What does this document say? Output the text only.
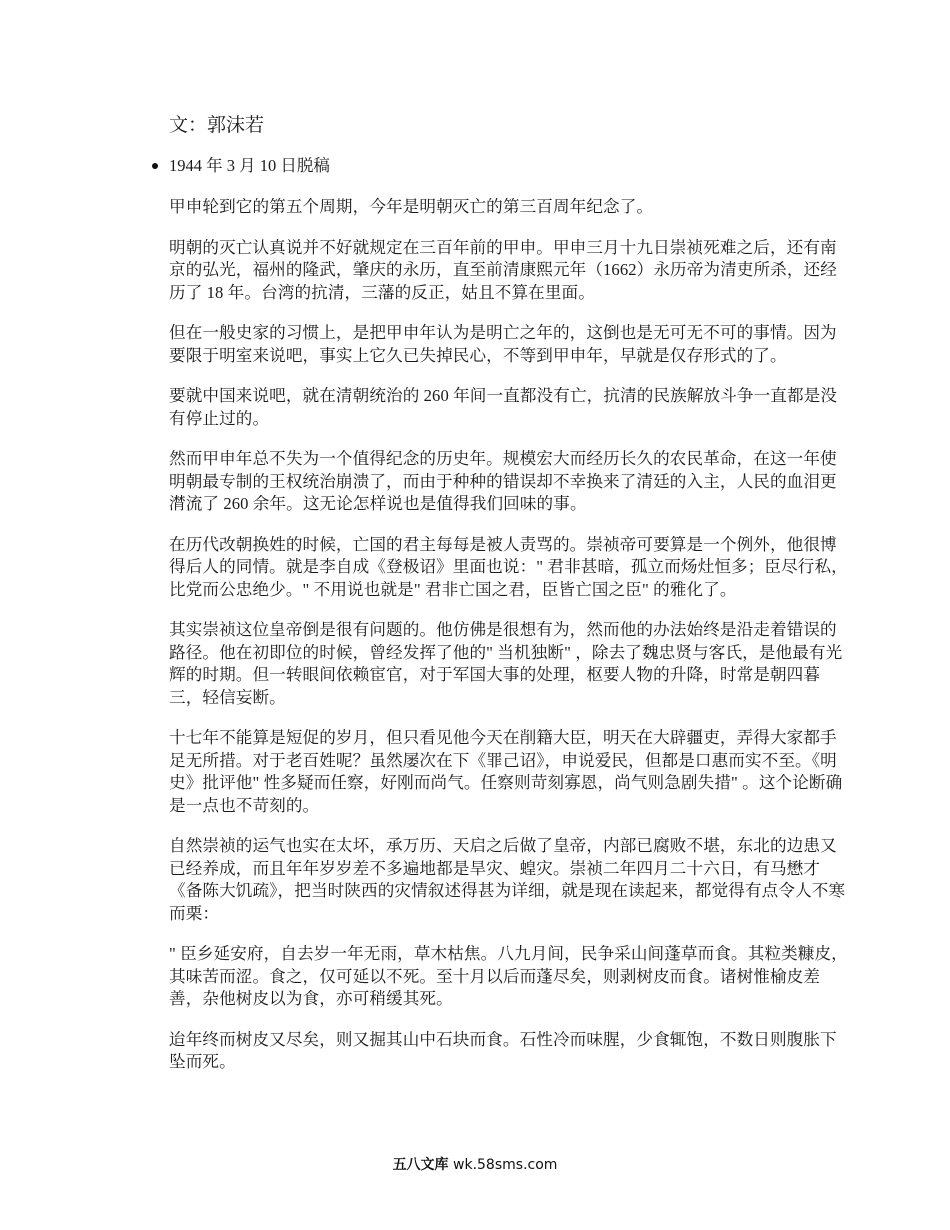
文：郭沫若

1944 年 3 月 10 日脱稿

甲申轮到它的第五个周期，今年是明朝灭亡的第三百周年纪念了。

明朝的灭亡认真说并不好就规定在三百年前的甲申。甲申三月十九日崇祯死难之后，还有南京的弘光，福州的隆武，肇庆的永历，直至前清康熙元年（1662）永历帝为清吏所杀，还经历了 18 年。台湾的抗清，三藩的反正，姑且不算在里面。

但在一般史家的习惯上，是把甲申年认为是明亡之年的，这倒也是无可无不可的事情。因为要限于明室来说吧，事实上它久已失掉民心，不等到甲申年，早就是仅存形式的了。

要就中国来说吧，就在清朝统治的 260 年间一直都没有亡，抗清的民族解放斗争一直都是没有停止过的。

然而甲申年总不失为一个值得纪念的历史年。规模宏大而经历长久的农民革命，在这一年使明朝最专制的王权统治崩溃了，而由于种种的错误却不幸换来了清廷的入主，人民的血泪更潸流了 260 余年。这无论怎样说也是值得我们回味的事。

在历代改朝换姓的时候，亡国的君主每每是被人责骂的。崇祯帝可要算是一个例外，他很博得后人的同情。就是李自成《登极诏》里面也说：" 君非甚暗，孤立而炀灶恒多；臣尽行私，比党而公忠绝少。" 不用说也就是" 君非亡国之君，臣皆亡国之臣" 的雅化了。

其实崇祯这位皇帝倒是很有问题的。他仿佛是很想有为，然而他的办法始终是沿走着错误的路径。他在初即位的时候，曾经发挥了他的" 当机独断" ，除去了魏忠贤与客氏，是他最有光辉的时期。但一转眼间依赖宦官，对于军国大事的处理，枢要人物的升降，时常是朝四暮三，轻信妄断。

十七年不能算是短促的岁月，但只看见他今天在削籍大臣，明天在大辟疆吏，弄得大家都手足无所措。对于老百姓呢？虽然屡次在下《罪己诏》，申说爱民，但都是口惠而实不至。《明史》批评他" 性多疑而任察，好刚而尚气。任察则苛刻寡恩，尚气则急剧失措" 。这个论断确是一点也不苛刻的。

自然崇祯的运气也实在太坏，承万历、天启之后做了皇帝，内部已腐败不堪，东北的边患又已经养成，而且年年岁岁差不多遍地都是旱灾、蝗灾。崇祯二年四月二十六日，有马懋才《备陈大饥疏》，把当时陕西的灾情叙述得甚为详细，就是现在读起来，都觉得有点令人不寒而栗：

" 臣乡延安府，自去岁一年无雨，草木枯焦。八九月间，民争采山间蓬草而食。其粒类糠皮，其味苦而涩。食之，仅可延以不死。至十月以后而蓬尽矣，则剥树皮而食。诸树惟榆皮差善，杂他树皮以为食，亦可稍缓其死。

迨年终而树皮又尽矣，则又掘其山中石块而食。石性冷而味腥，少食辄饱，不数日则腹胀下坠而死。

五八文库 wk.58sms.com
